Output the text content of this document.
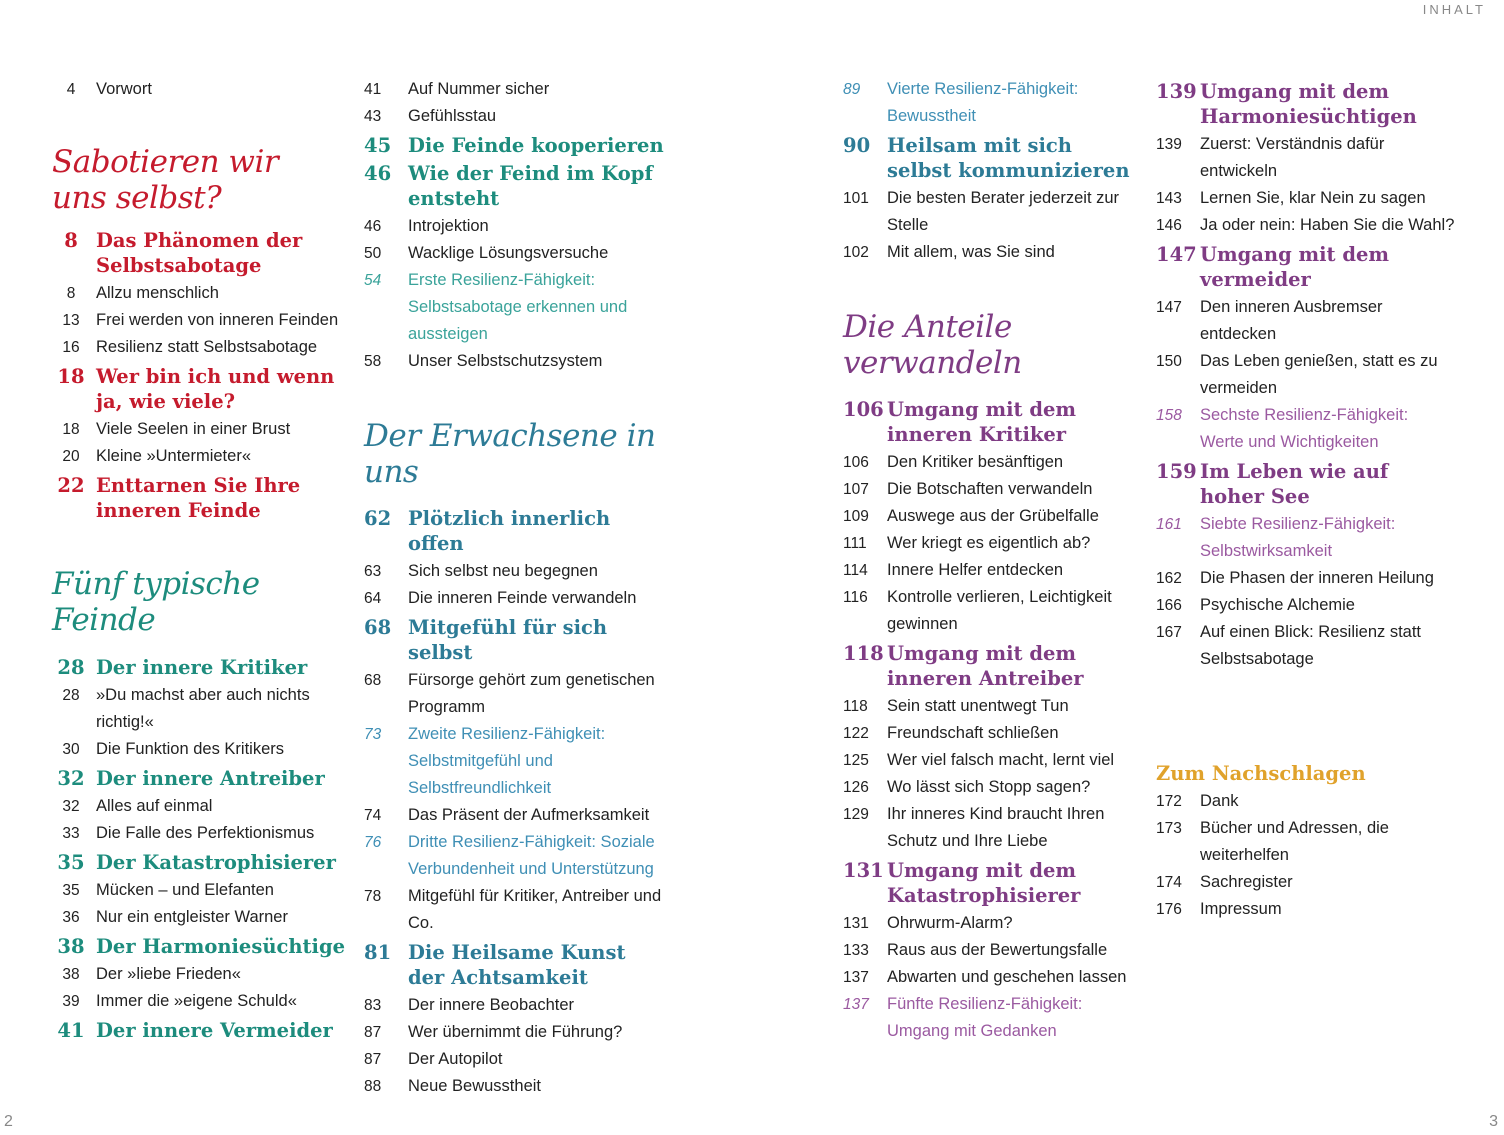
INHALT
4	Vorwort
Sabotieren wir
uns selbst?
8 Das Phänomen der Selbstsabotage
8	Allzu menschlich
13 Frei werden von inneren Feinden
16 Resilienz statt Selbstsabotage
18 Wer bin ich und wenn ja, wie viele?
18 Viele Seelen in einer Brust
20 Kleine »Untermieter«
22 Enttarnen Sie Ihre inneren Feinde
Fünf typische Feinde
28 Der innere Kritiker
28 »Du machst aber auch nichts richtig!«
30 Die Funktion des Kritikers
32 Der innere Antreiber
32 Alles auf einmal
33 Die Falle des Perfektionismus
35 Der Katastrophisierer
35 Mücken – und Elefanten
36 Nur ein entgleister Warner
38 Der Harmoniesüchtige
38 Der »liebe Frieden«
39 Immer die »eigene Schuld«
41 Der innere Vermeider
41	Auf Nummer sicher
43	Gefühlsstau
45 Die Feinde kooperieren
46 Wie der Feind im Kopf entsteht
46	Introjektion
50	Wacklige Lösungsversuche
54	Erste Resilienz-Fähigkeit: Selbstsabotage erkennen und aussteigen
58	Unser Selbstschutzsystem
Der Erwachsene in uns
62 Plötzlich innerlich offen
63	Sich selbst neu begegnen
64	Die inneren Feinde verwandeln
68 Mitgefühl für sich selbst
68	Fürsorge gehört zum genetischen Programm
73	Zweite Resilienz-Fähigkeit: Selbstmitgefühl und Selbstfreundlichkeit
74	Das Präsent der Aufmerksamkeit
76	Dritte Resilienz-Fähigkeit: Soziale Verbundenheit und Unterstützung
78	Mitgefühl für Kritiker, Antreiber und Co.
81 Die Heilsame Kunst der Achtsamkeit
83	Der innere Beobachter
87	Wer übernimmt die Führung?
87	Der Autopilot
88	Neue Bewusstheit
89	Vierte Resilienz-Fähigkeit: Bewusstheit
90 Heilsam mit sich selbst kommunizieren
101	Die besten Berater jederzeit zur Stelle
102	Mit allem, was Sie sind
Die Anteile verwandeln
106 Umgang mit dem inneren Kritiker
106	Den Kritiker besänftigen
107	Die Botschaften verwandeln
109	Auswege aus der Grübelfalle
111	Wer kriegt es eigentlich ab?
114	Innere Helfer entdecken
116	Kontrolle verlieren, Leichtigkeit gewinnen
118 Umgang mit dem inneren Antreiber
118	Sein statt unentwegt Tun
122	Freundschaft schließen
125	Wer viel falsch macht, lernt viel
126	Wo lässt sich Stopp sagen?
129	Ihr inneres Kind braucht Ihren Schutz und Ihre Liebe
131 Umgang mit dem Katastrophisierer
131	Ohrwurm-Alarm?
133	Raus aus der Bewertungsfalle
137	Abwarten und geschehen lassen
137	Fünfte Resilienz-Fähigkeit: Umgang mit Gedanken
139 Umgang mit dem Harmoniesüchtigen
139	Zuerst: Verständnis dafür entwickeln
143	Lernen Sie, klar Nein zu sagen
146	Ja oder nein: Haben Sie die Wahl?
147 Umgang mit dem vermeider
147	Den inneren Ausbremser entdecken
150	Das Leben genießen, statt es zu vermeiden
158	Sechste Resilienz-Fähigkeit: Werte und Wichtigkeiten
159 Im Leben wie auf hoher See
161	Siebte Resilienz-Fähigkeit: Selbstwirksamkeit
162	Die Phasen der inneren Heilung
166	Psychische Alchemie
167	Auf einen Blick: Resilienz statt Selbstsabotage
Zum Nachschlagen
172	Dank
173	Bücher und Adressen, die weiterhelfen
174	Sachregister
176	Impressum
2	3
